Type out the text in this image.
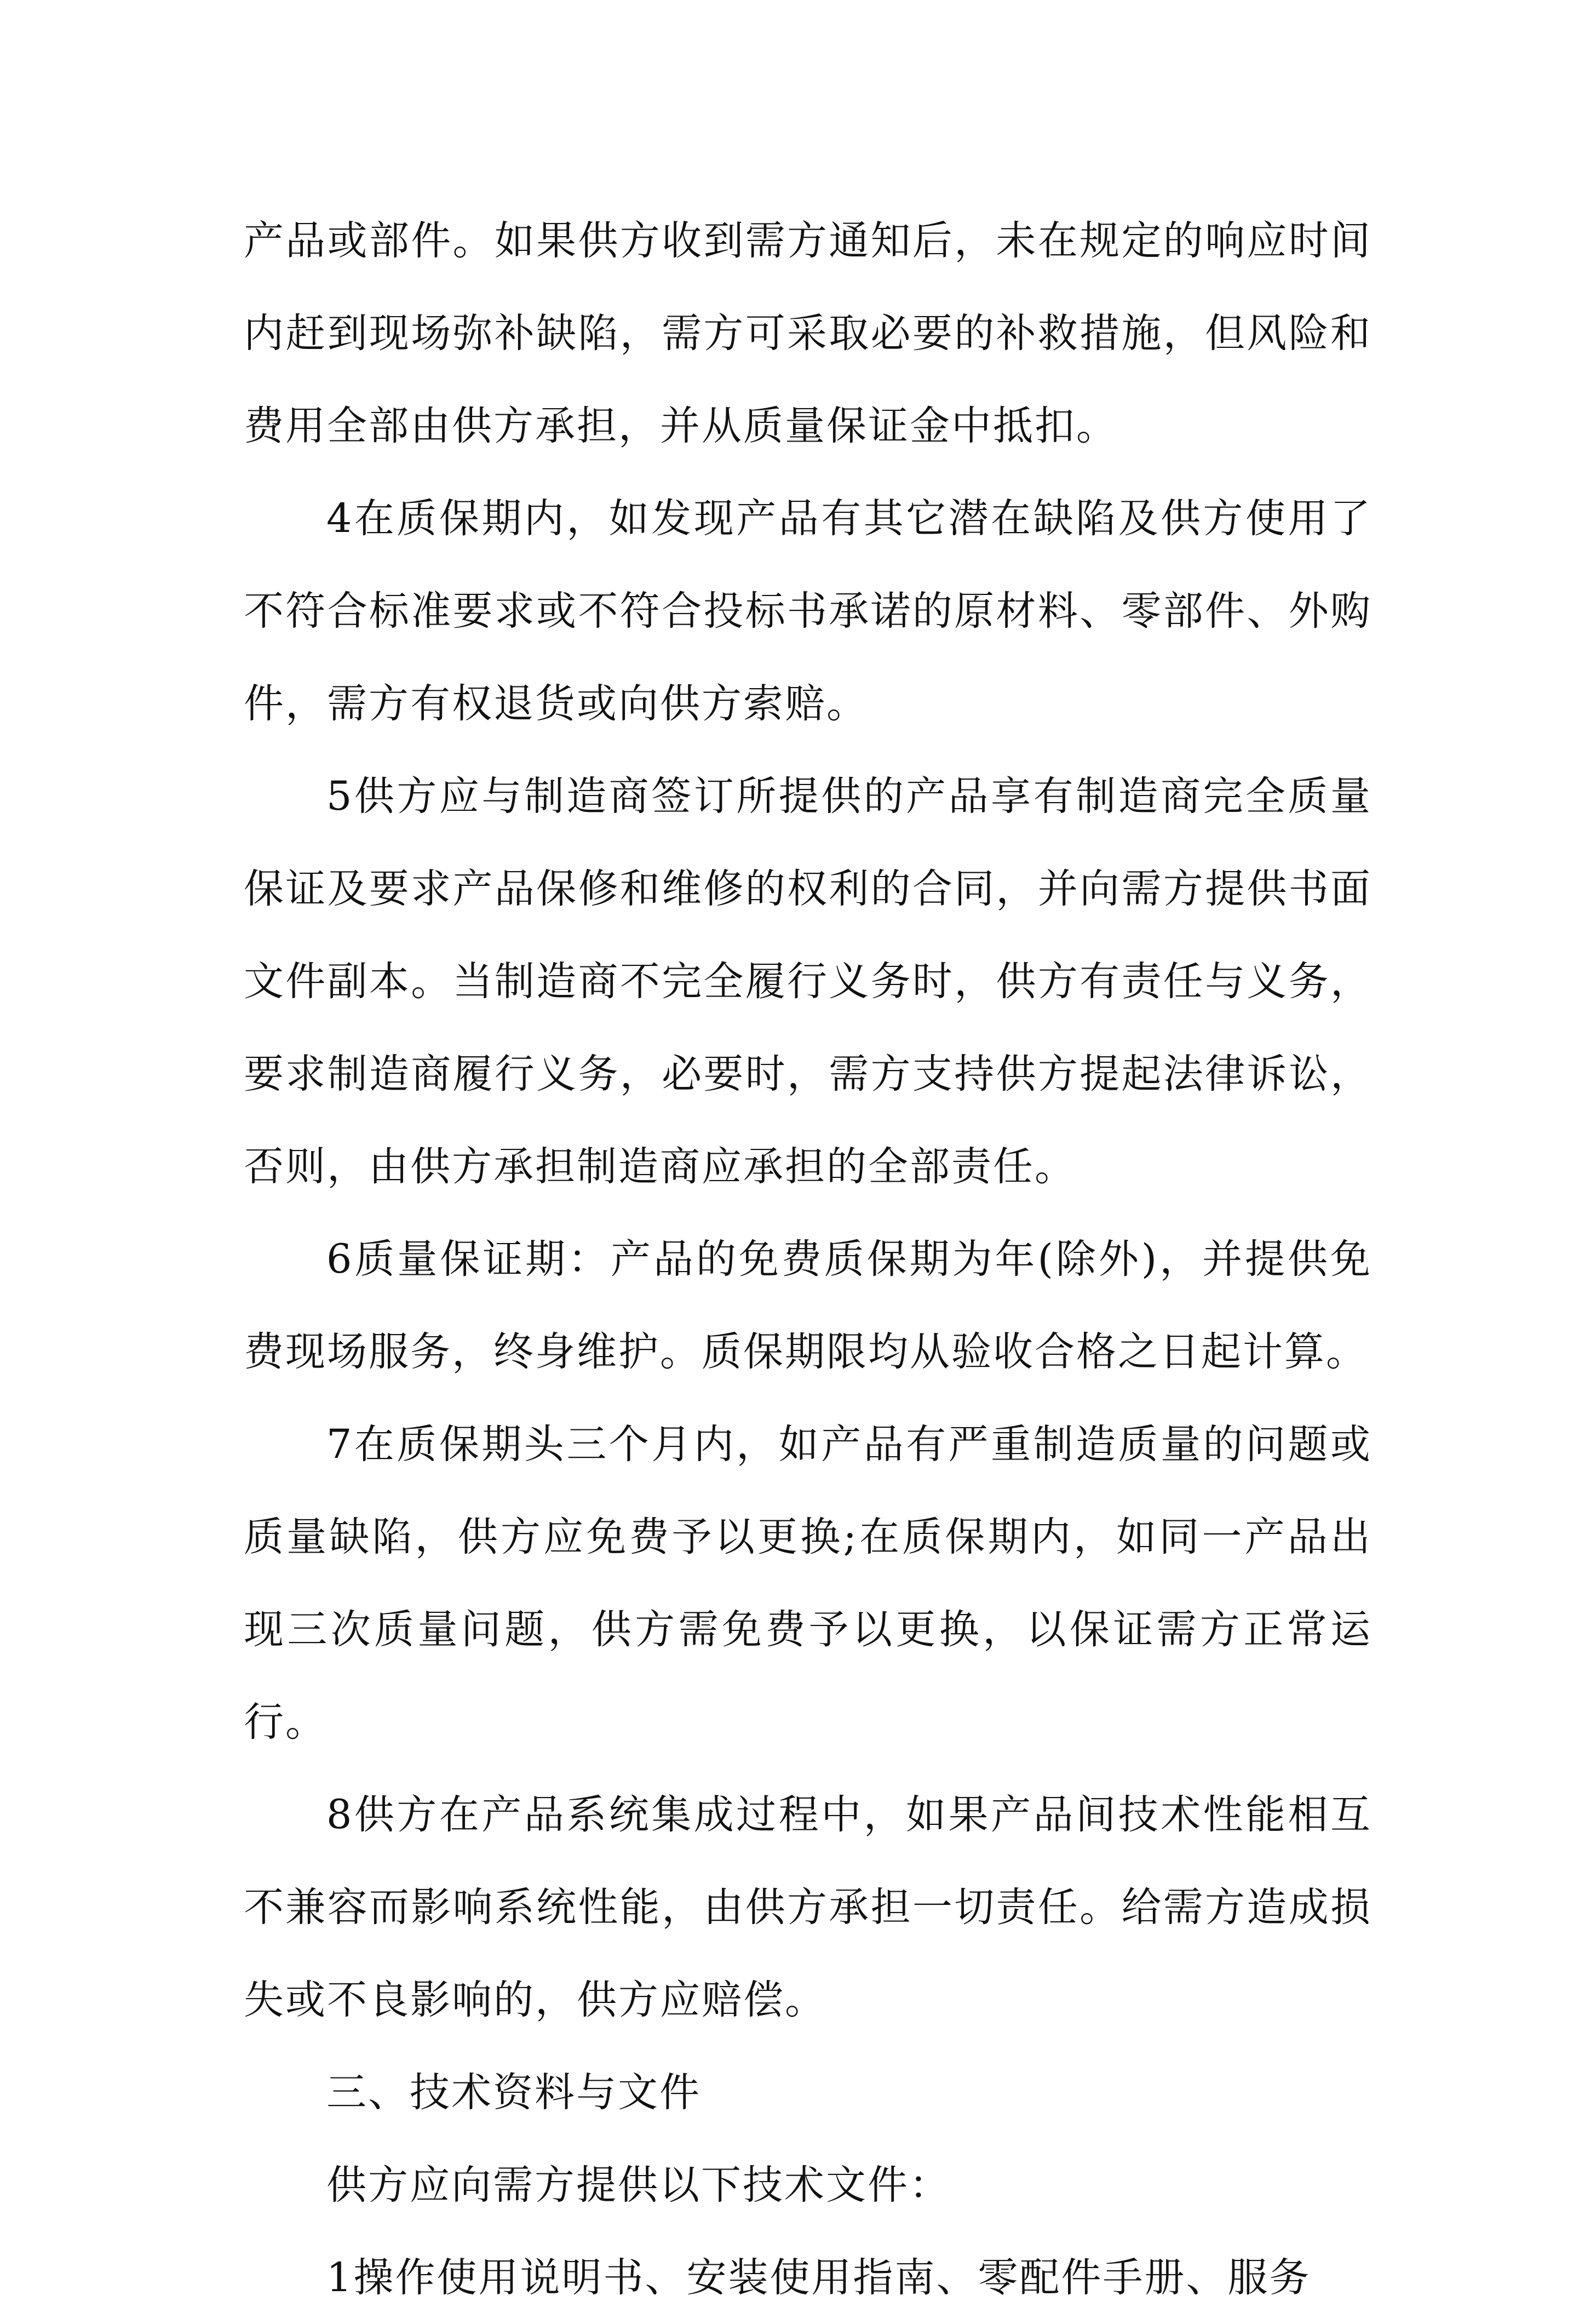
产品或部件。如果供方收到需方通知后，未在规定的响应时间内赶到现场弥补缺陷，需方可采取必要的补救措施，但风险和费用全部由供方承担，并从质量保证金中抵扣。

4在质保期内，如发现产品有其它潜在缺陷及供方使用了不符合标准要求或不符合投标书承诺的原材料、零部件、外购件，需方有权退货或向供方索赔。

5供方应与制造商签订所提供的产品享有制造商完全质量保证及要求产品保修和维修的权利的合同，并向需方提供书面文件副本。当制造商不完全履行义务时，供方有责任与义务，要求制造商履行义务，必要时，需方支持供方提起法律诉讼，否则，由供方承担制造商应承担的全部责任。

6质量保证期：产品的免费质保期为年(除外)，并提供免费现场服务，终身维护。质保期限均从验收合格之日起计算。

7在质保期头三个月内，如产品有严重制造质量的问题或质量缺陷，供方应免费予以更换;在质保期内，如同一产品出现三次质量问题，供方需免费予以更换，以保证需方正常运行。

8供方在产品系统集成过程中，如果产品间技术性能相互不兼容而影响系统性能，由供方承担一切责任。给需方造成损失或不良影响的，供方应赔偿。

三、技术资料与文件

供方应向需方提供以下技术文件：

1操作使用说明书、安装使用指南、零配件手册、服务
